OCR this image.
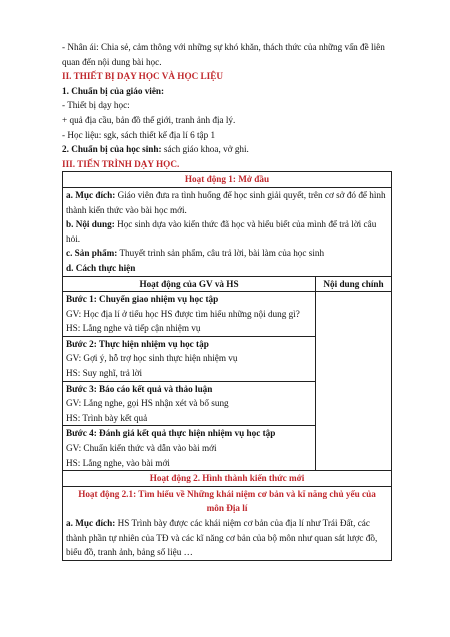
- Nhân ái: Chia sẻ, cảm thông với những sự khó khăn, thách thức của những vấn đề liên
quan đến nội dung bài học.
II. THIẾT BỊ DẠY HỌC VÀ HỌC LIỆU
1. Chuẩn bị của giáo viên:
- Thiết bị dạy học:
+ quả địa cầu, bản đồ thế giới, tranh ảnh địa lý.
- Học liệu: sgk, sách thiết kế địa lí 6 tập 1
2. Chuẩn bị của học sinh: sách giáo khoa, vở ghi.
III. TIẾN TRÌNH DẠY HỌC.
Hoạt động 1: Mở đầu

a. Mục đích: Giáo viên đưa ra tình huống để học sinh giải quyết, trên cơ sở đó để hình thành kiến thức vào bài học mới.
b. Nội dung: Học sinh dựa vào kiến thức đã học và hiểu biết của mình để trả lời câu hỏi.
c. Sản phẩm: Thuyết trình sản phẩm, câu trả lời, bài làm của học sinh
d. Cách thực hiện

Hoạt động của GV và HS	Nội dung chính

Bước 1: Chuyển giao nhiệm vụ học tập
GV: Học địa lí ở tiểu học HS được tìm hiểu những nội dung gì?
HS: Lắng nghe và tiếp cận nhiệm vụ

Bước 2: Thực hiện nhiệm vụ học tập
GV: Gợi ý, hỗ trợ học sinh thực hiện nhiệm vụ
HS: Suy nghĩ, trả lời

Bước 3: Báo cáo kết quả và thảo luận
GV: Lắng nghe, gọi HS nhận xét và bổ sung
HS: Trình bày kết quả

Bước 4: Đánh giá kết quả thực hiện nhiệm vụ học tập
GV: Chuẩn kiến thức và dẫn vào bài mới
HS: Lắng nghe, vào bài mới

Hoạt động 2. Hình thành kiến thức mới

Hoạt động 2.1: Tìm hiểu về Những khái niệm cơ bản và kĩ năng chủ yếu của
môn Địa lí
a. Mục đích: HS Trình bày được các khái niệm cơ bản của địa lí như Trái Đất, các thành phần tự nhiên của TĐ và các kĩ năng cơ bản của bộ môn như quan sát lược đồ, biểu đồ, tranh ảnh, bảng số liệu …
